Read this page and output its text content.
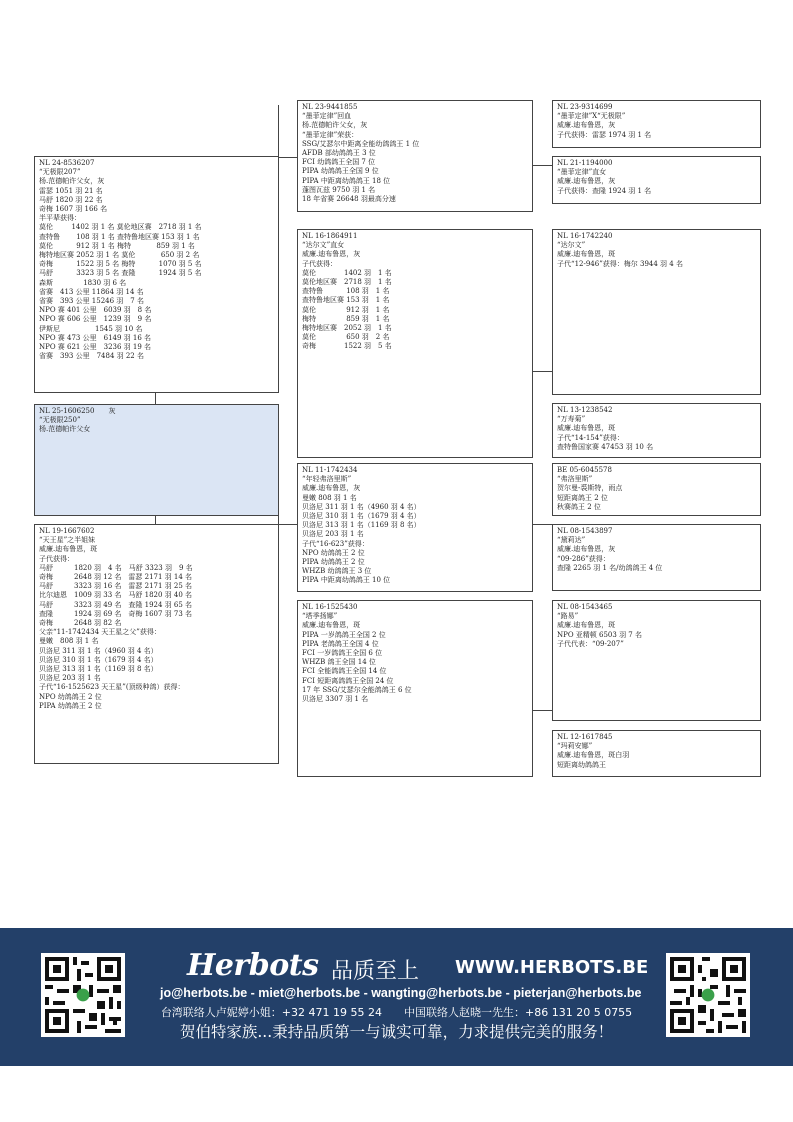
NL 24-8536207
“无极限207”
杨.范德帕许父女，灰
雷瑟 1051 羽 21 名
马舒 1820 羽 22 名
奇梅 1607 羽 166 名
半平辈获得：
莫伦 　　 1402 羽 1 名 莫伦地区赛　2718 羽 1 名
查特鲁　　 108 羽 1 名 查特鲁地区赛 153 羽 1 名
莫伦　　　 912 羽 1 名 梅特 　　　 859 羽 1 名
梅特地区赛 2052 羽 1 名 莫伦 　　　 650 羽 2 名
奇梅　　　 1522 羽 5 名 梅特　　　 1070 羽 5 名
马舒　　　 3323 羽 5 名 查隆　　　 1924 羽 5 名
森斯　　　　 1830 羽 6 名
省赛　413 公里 11864 羽 14 名
省赛　393 公里 15246 羽　7 名
NPO 赛 401 公里　6039 羽　8 名
NPO 赛 606 公里　1239 羽　9 名
伊斯尼　　　　　1545 羽 10 名
NPO 赛 473 公里　6149 羽 16 名
NPO 赛 621 公里　3236 羽 19 名
省赛　393 公里　7484 羽 22 名
NL 25-1606250　　灰
“无极限250”
杨.范德帕许父女
NL 19-1667602
“天王星”之半姐妹
威廉.迪布鲁恩，斑
子代获得：
马舒　　　1820 羽　4 名　马舒 3323 羽　9 名
奇梅　　　2648 羽 12 名　雷瑟 2171 羽 14 名
马舒　　　3323 羽 16 名　雷瑟 2171 羽 25 名
比尔迪恩　1009 羽 33 名　马舒 1820 羽 40 名
马舒　　　3323 羽 49 名　查隆 1924 羽 65 名
查隆　　　1924 羽 69 名　奇梅 1607 羽 73 名
奇梅　　　2648 羽 82 名
父亲“11-1742434 天王星之父”获得：
曼嫩　808 羽 1 名
贝洛尼 311 羽 1 名（4960 羽 4 名）
贝洛尼 310 羽 1 名（1679 羽 4 名）
贝洛尼 313 羽 1 名（1169 羽 8 名）
贝洛尼 203 羽 1 名
子代“16-1525623 天王星”(顶级种鸽）获得：
NPO 幼鸽鸽王 2 位
PIPA 幼鸽鸽王 2 位
NL 23-9441855
“墨菲定律”回血
杨.范德帕许父女，灰
“墨菲定律”荣获：
SSG/艾瑟尔中距离全能幼鸽鸽王 1 位
AFDB 部幼鸽鸽王 3 位
FCI 幼鸽鸽王全国 7 位
PIPA 幼鸽鸽王全国 9 位
PIPA 中距离幼鸽鸽王 18 位
蓬图瓦兹 9750 羽 1 名
18 年省赛 26648 羽最高分速
NL 16-1864911
“达尔文”直女
威廉.迪布鲁恩，灰
子代获得：
莫伦　　　　1402 羽　1 名
莫伦地区赛　2718 羽　1 名
查特鲁　　　 108 羽　1 名
查特鲁地区赛 153 羽　1 名
莫伦　　　　 912 羽　1 名
梅特　　　　 859 羽　1 名
梅特地区赛　2052 羽　1 名
莫伦　　　　 650 羽　2 名
奇梅　　　　1522 羽　5 名
NL 11-1742434
“年轻弗洛里斯”
威廉.迪布鲁恩，灰
曼嫩 808 羽 1 名
贝洛尼 311 羽 1 名（4960 羽 4 名）
贝洛尼 310 羽 1 名（1679 羽 4 名）
贝洛尼 313 羽 1 名（1169 羽 8 名）
贝洛尼 203 羽 1 名
子代“16-623”获得：
NPO 幼鸽鸽王 2 位
PIPA 幼鸽鸽王 2 位
WHZB 幼鸽鸽王 3 位
PIPA 中距离幼鸽鸽王 10 位
NL 16-1525430
“塔季扬娜”
威廉.迪布鲁恩，斑
PIPA 一岁鸽鸽王全国 2 位
PIPA 老鸽鸽王全国 4 位
FCI 一岁鸽鸽王全国 6 位
WHZB 鸽王全国 14 位
FCI 全能鸽鸽王全国 14 位
FCI 短距离鸽鸽王全国 24 位
17 年 SSG/艾瑟尔全能鸽鸽王 6 位
贝洛尼 3307 羽 1 名
NL 23-9314699
“墨菲定律”X“无极限”
威廉.迪布鲁恩，灰
子代获得：雷瑟 1974 羽 1 名
NL 21-1194000
“墨菲定律”直女
威廉.迪布鲁恩，灰
子代获得：查隆 1924 羽 1 名
NL 16-1742240
“达尔文”
威廉.迪布鲁恩，斑
子代“12-946”获得：梅尔 3944 羽 4 名
NL 13-1238542
“万寿菊”
威廉.迪布鲁恩，斑
子代“14-154”获得：
查特鲁国家赛 47453 羽 10 名
BE 05-6045578
“弗洛里斯”
贺尔曼-裘斯特，雨点
短距离鸽王 2 位
秋赛鸽王 2 位
NL 08-1543897
“黛莉达”
威廉.迪布鲁恩，灰
“09-286”获得：
查隆 2265 羽 1 名/幼鸽鸽王 4 位
NL 08-1543465
“路易”
威廉.迪布鲁恩，斑
NPO 亚精顿 6503 羽 7 名
子代代表：“09-207”
NL 12-1617845
“玛莉安娜”
威廉.迪布鲁恩，斑白羽
短距离幼鸽鸽王
Herbots 品质至上 WWW.HERBOTS.BE
jo@herbots.be - miet@herbots.be - wangting@herbots.be - pieterjan@herbots.be
台湾联络人卢妮婷小姐：+32 471 19 55 24　　中国联络人赵晓一先生：+86 131 20 5 0755
贺伯特家族...秉持品质第一与诚实可靠，力求提供完美的服务！
